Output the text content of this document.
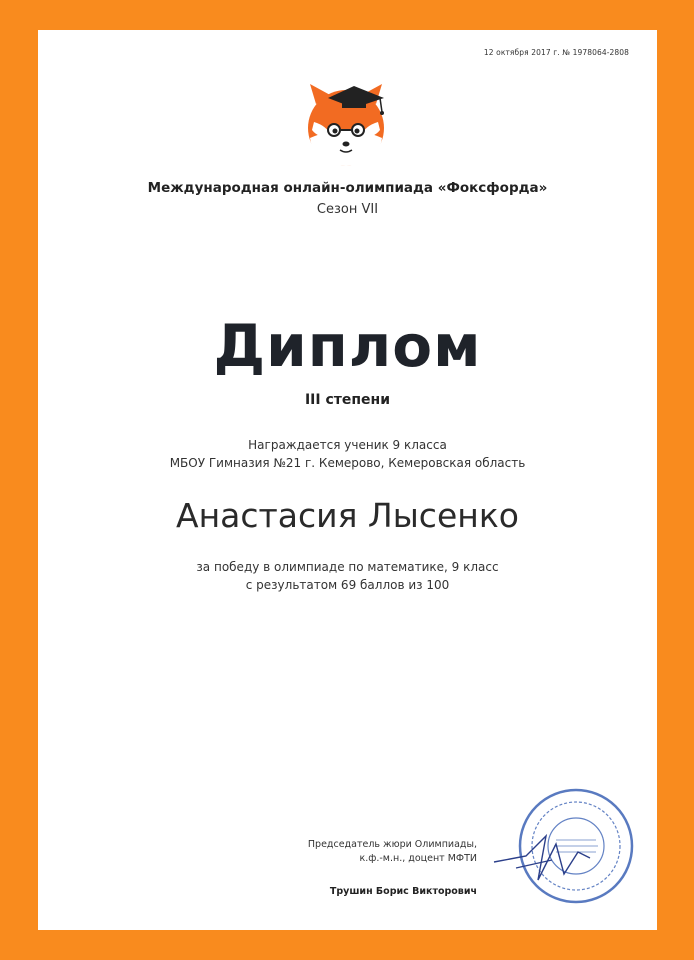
12 октября 2017 г. № 1978064-2808
Международная онлайн-олимпиада «Фоксфорда»
Сезон VII
Диплом
III степени
Награждается ученик 9 класса
МБОУ Гимназия №21 г. Кемерово, Кемеровская область
Анастасия Лысенко
за победу в олимпиаде по математике, 9 класс
с результатом 69 баллов из 100
Председатель жюри Олимпиады,
к.ф.-м.н., доцент МФТИ
Трушин Борис Викторович
